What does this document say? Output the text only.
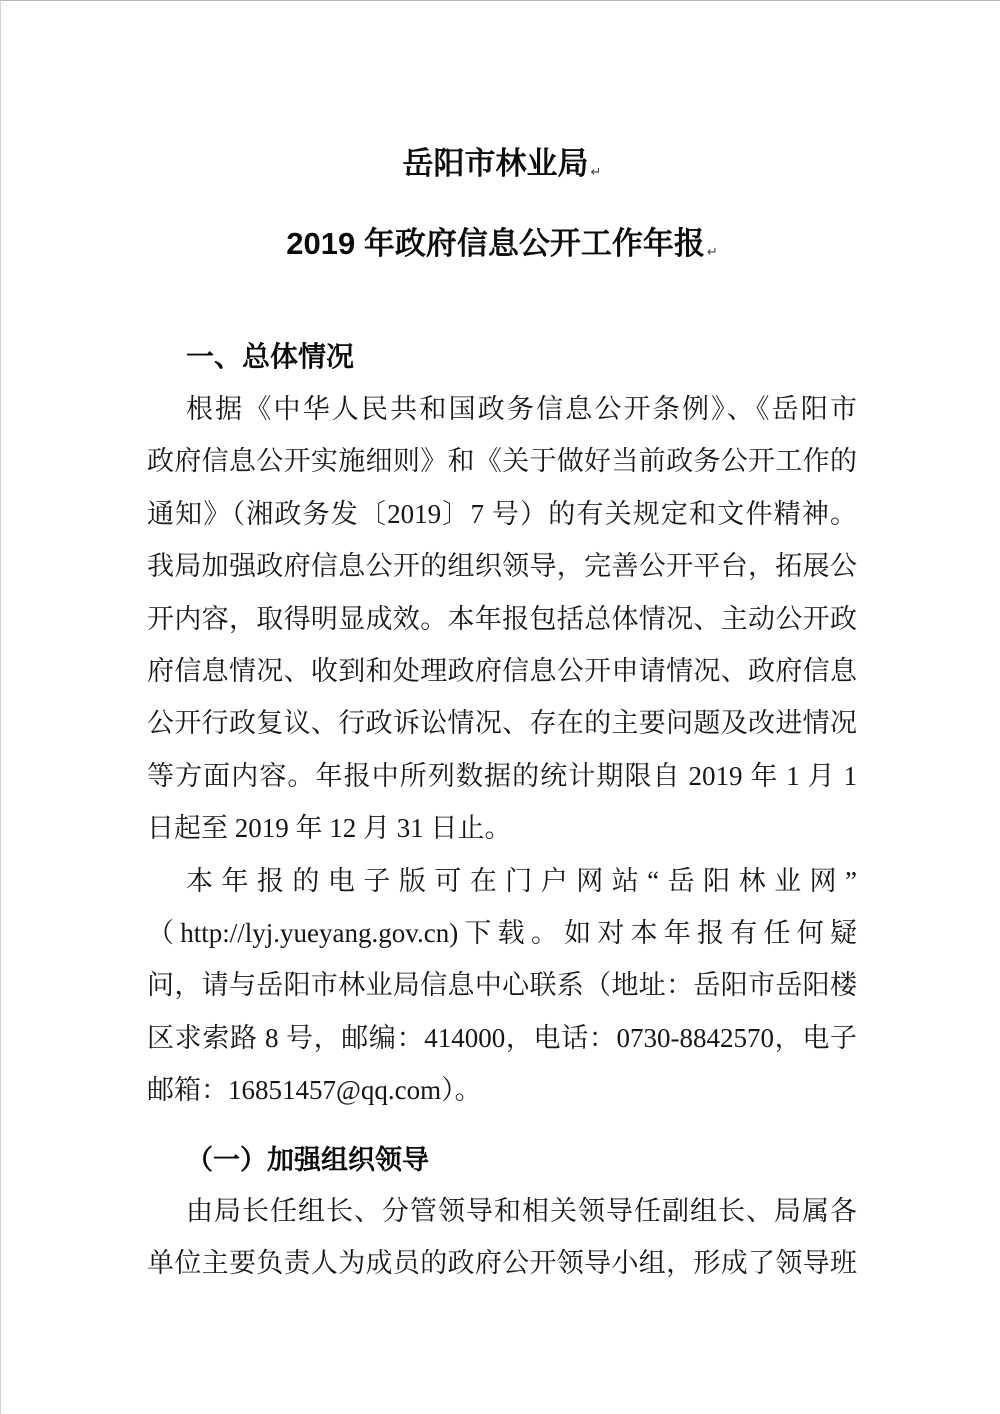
岳阳市林业局 ↵
2019 年政府信息公开工作年报 ↵
一、总体情况
根据《中华人民共和国政务信息公开条例》、《岳阳市
政府信息公开实施细则》和《关于做好当前政务公开工作的
通知》（湘政务发〔2019〕7 号）的有关规定和文件精神。
我局加强政府信息公开的组织领导，完善公开平台，拓展公
开内容，取得明显成效。本年报包括总体情况、主动公开政
府信息情况、收到和处理政府信息公开申请情况、政府信息
公开行政复议、行政诉讼情况、存在的主要问题及改进情况
等方面内容。年报中所列数据的统计期限自 2019 年 1 月 1
日起至 2019 年 12 月 31 日止。
本年报的电子版可在门户网站“岳阳林业网”
（http://lyj.yueyang.gov.cn)下载。如对本年报有任何疑
问，请与岳阳市林业局信息中心联系（地址：岳阳市岳阳楼
区求索路 8 号，邮编：414000，电话：0730-8842570，电子
邮箱：16851457@qq.com）。
（一）加强组织领导
由局长任组长、分管领导和相关领导任副组长、局属各
单位主要负责人为成员的政府公开领导小组，形成了领导班
